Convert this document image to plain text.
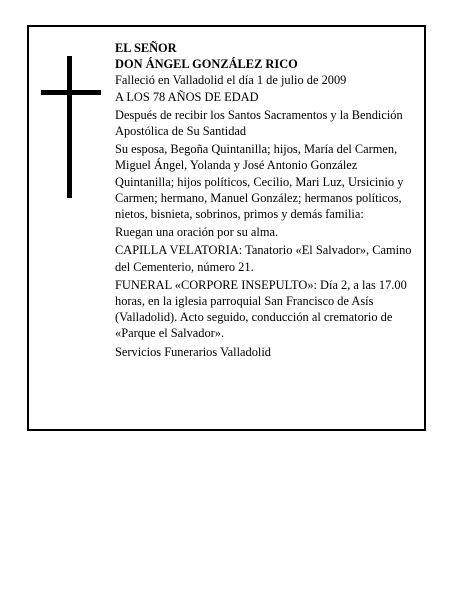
EL SEÑOR

DON ÁNGEL GONZÁLEZ RICO

Falleció en Valladolid el día 1 de julio de 2009

A LOS 78 AÑOS DE EDAD

Después de recibir los Santos Sacramentos y la Bendición Apostólica de Su Santidad

Su esposa, Begoña Quintanilla; hijos, María del Carmen, Miguel Ángel, Yolanda y José Antonio González Quintanilla; hijos políticos, Cecilio, Mari Luz, Ursicinio y Carmen; hermano, Manuel González; hermanos políticos, nietos, bisnieta, sobrinos, primos y demás familia:

Ruegan una oración por su alma.

CAPILLA VELATORIA: Tanatorio «El Salvador», Camino del Cementerio, número 21.

FUNERAL «CORPORE INSEPULTO»: Día 2, a las 17.00 horas, en la iglesia parroquial San Francisco de Asís (Valladolid). Acto seguido, conducción al crematorio de «Parque el Salvador».

Servicios Funerarios Valladolid
